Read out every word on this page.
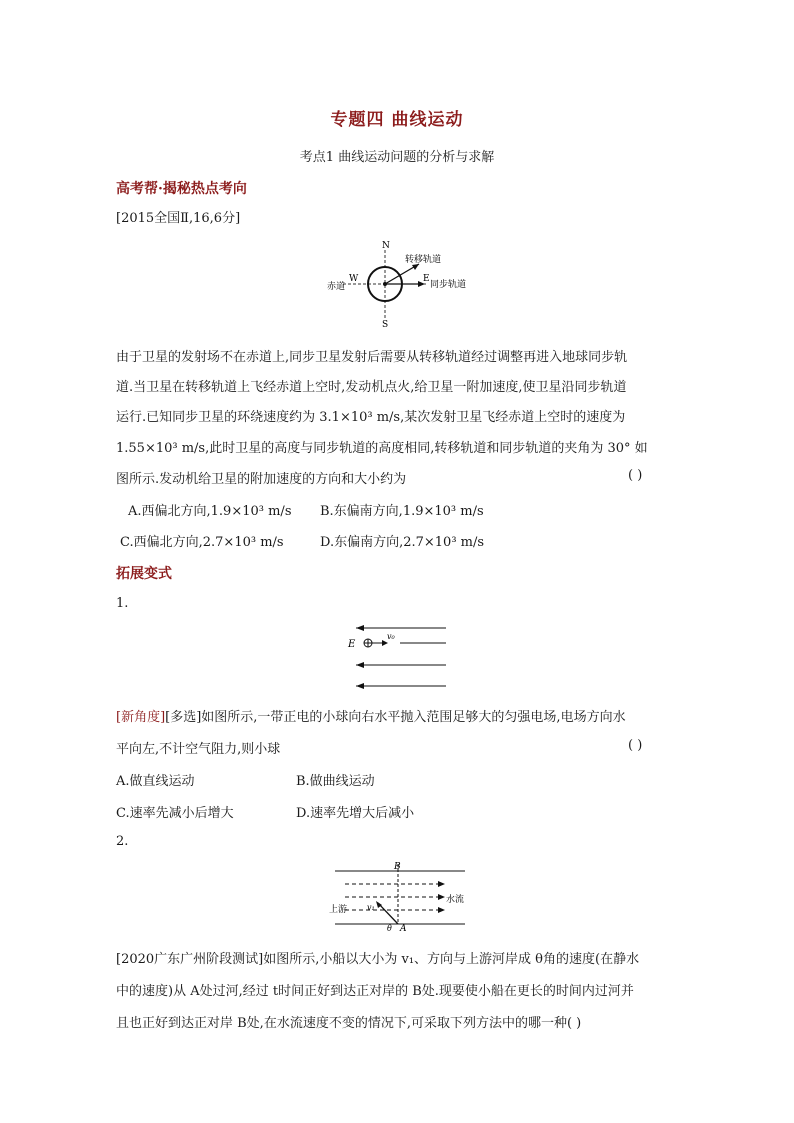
专题四 曲线运动
考点1 曲线运动问题的分析与求解
高考帮·揭秘热点考向
[2015全国Ⅱ,16,6分]
N
S
W	E
赤道
转移轨道
同步轨道
由于卫星的发射场不在赤道上,同步卫星发射后需要从转移轨道经过调整再进入地球同步轨
道.当卫星在转移轨道上飞经赤道上空时,发动机点火,给卫星一附加速度,使卫星沿同步轨道
运行.已知同步卫星的环绕速度约为 3.1×10³ m/s,某次发射卫星飞经赤道上空时的速度为
1.55×10³ m/s,此时卫星的高度与同步轨道的高度相同,转移轨道和同步轨道的夹角为 30° 如
图所示.发动机给卫星的附加速度的方向和大小约为	( )
A.西偏北方向,1.9×10³ m/s B.东偏南方向,1.9×10³ m/s
C.西偏北方向,2.7×10³ m/s	D.东偏南方向,2.7×10³ m/s
拓展变式
1.
E
v₀
[新角度][多选]如图所示,一带正电的小球向右水平抛入范围足够大的匀强电场,电场方向水
平向左,不计空气阻力,则小球	( )
A.做直线运动	B.做曲线运动
C.速率先减小后增大	D.速率先增大后减小
2.
B
A
θ
v₁
上游
水流
[2020广东广州阶段测试]如图所示,小船以大小为 v₁、方向与上游河岸成 θ角的速度(在静水
中的速度)从 A处过河,经过 t时间正好到达正对岸的 B处.现要使小船在更长的时间内过河并
且也正好到达正对岸 B处,在水流速度不变的情况下,可采取下列方法中的哪一种( )
